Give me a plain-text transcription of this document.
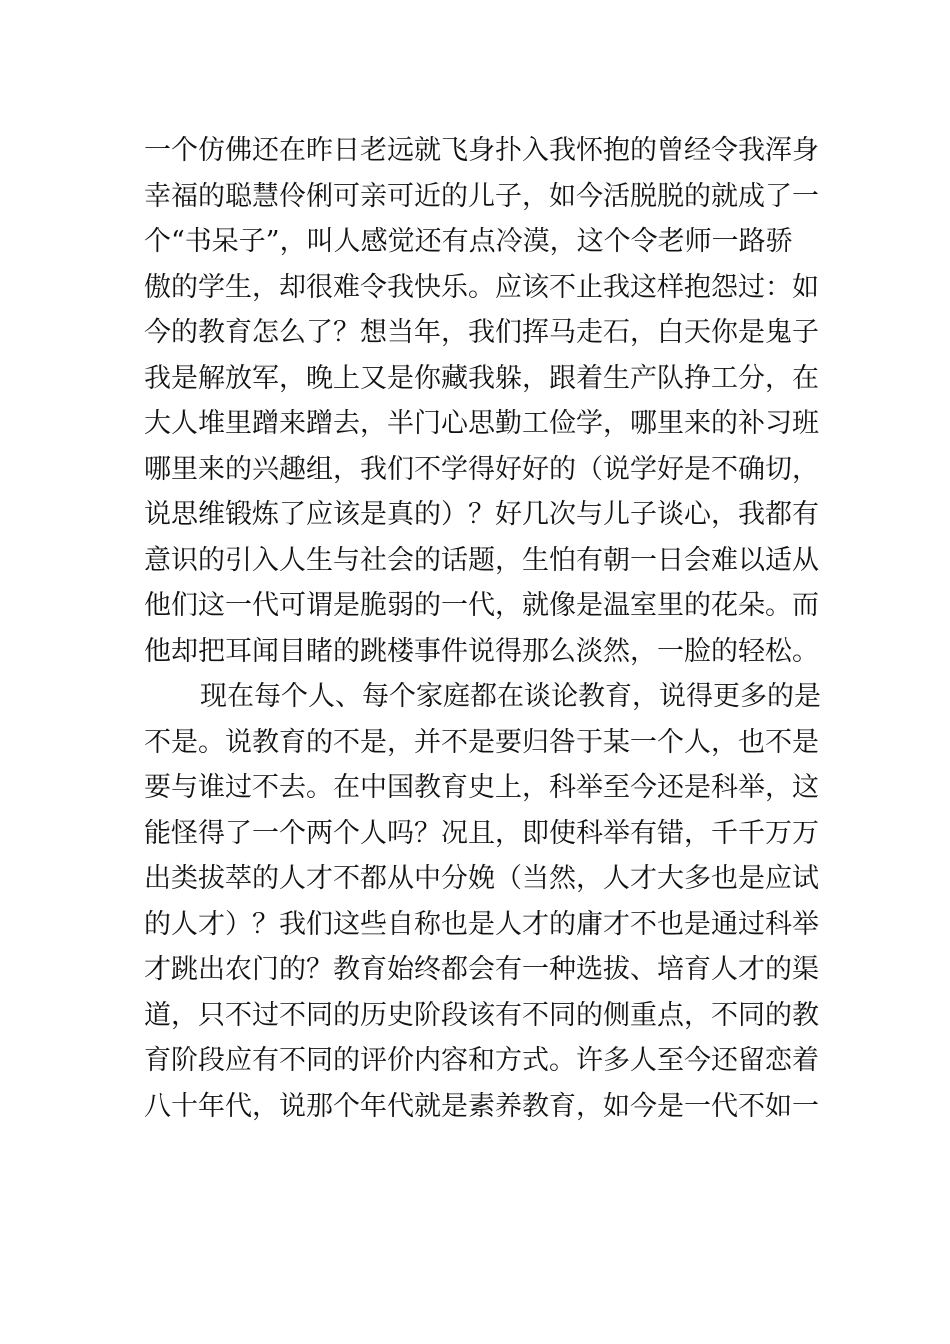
一个仿佛还在昨日老远就飞身扑入我怀抱的曾经令我浑身
幸福的聪慧伶俐可亲可近的儿子，如今活脱脱的就成了一
个“书呆子”，叫人感觉还有点冷漠，这个令老师一路骄
傲的学生，却很难令我快乐。应该不止我这样抱怨过：如
今的教育怎么了？想当年，我们挥马走石，白天你是鬼子
我是解放军，晚上又是你藏我躲，跟着生产队挣工分，在
大人堆里蹭来蹭去，半门心思勤工俭学，哪里来的补习班
哪里来的兴趣组，我们不学得好好的（说学好是不确切，
说思维锻炼了应该是真的）？好几次与儿子谈心，我都有
意识的引入人生与社会的话题，生怕有朝一日会难以适从
他们这一代可谓是脆弱的一代，就像是温室里的花朵。而
他却把耳闻目睹的跳楼事件说得那么淡然，一脸的轻松。
现在每个人、每个家庭都在谈论教育，说得更多的是
不是。说教育的不是，并不是要归咎于某一个人，也不是
要与谁过不去。在中国教育史上，科举至今还是科举，这
能怪得了一个两个人吗？况且，即使科举有错，千千万万
出类拔萃的人才不都从中分娩（当然，人才大多也是应试
的人才）？我们这些自称也是人才的庸才不也是通过科举
才跳出农门的？教育始终都会有一种选拔、培育人才的渠
道，只不过不同的历史阶段该有不同的侧重点，不同的教
育阶段应有不同的评价内容和方式。许多人至今还留恋着
八十年代，说那个年代就是素养教育，如今是一代不如一
